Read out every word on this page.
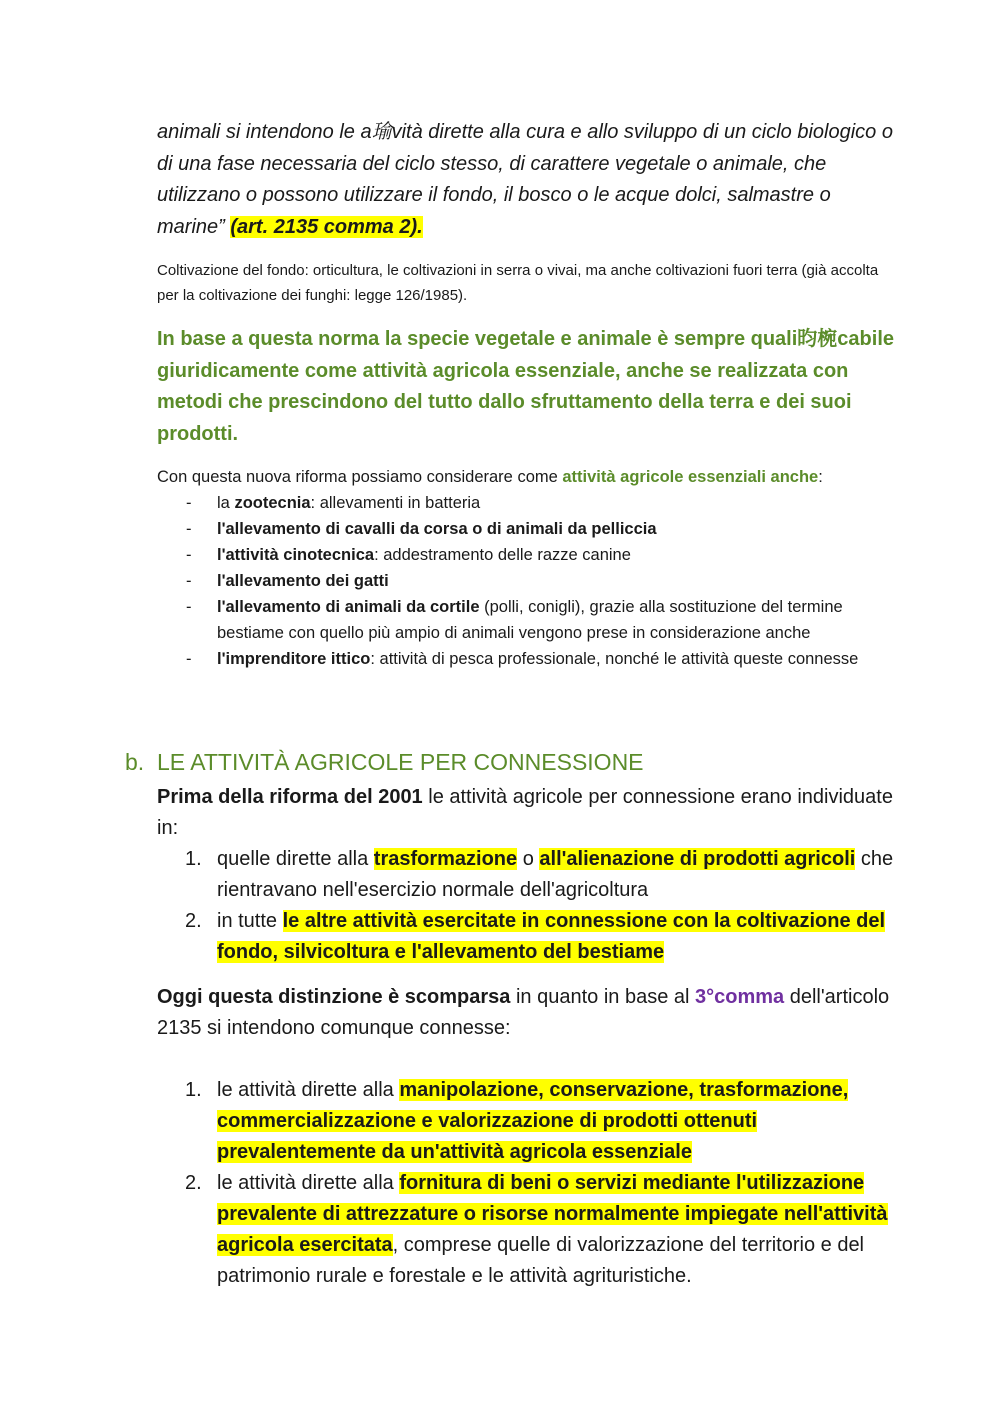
animali si intendono le a瑜vità dirette alla cura e allo sviluppo di un ciclo biologico o di una fase necessaria del ciclo stesso, di carattere vegetale o animale, che utilizzano o possono utilizzare il fondo, il bosco o le acque dolci, salmastre o marine” (art. 2135 comma 2).

Coltivazione del fondo: orticultura, le coltivazioni in serra o vivai, ma anche coltivazioni fuori terra (già accolta per la coltivazione dei funghi: legge 126/1985).

In base a questa norma la specie vegetale e animale è sempre quali昀椀cabile giuridicamente come attività agricola essenziale, anche se realizzata con metodi che prescindono del tutto dallo sfruttamento della terra e dei suoi prodotti.

Con questa nuova riforma possiamo considerare come attività agricole essenziali anche:
- la zootecnia: allevamenti in batteria
- l'allevamento di cavalli da corsa o di animali da pelliccia
- l'attività cinotecnica: addestramento delle razze canine
- l'allevamento dei gatti
- l'allevamento di animali da cortile (polli, conigli), grazie alla sostituzione del termine bestiame con quello più ampio di animali vengono prese in considerazione anche
- l'imprenditore ittico: attività di pesca professionale, nonché le attività queste connesse
b. LE ATTIVITÀ AGRICOLE PER CONNESSIONE
Prima della riforma del 2001 le attività agricole per connessione erano individuate in:
1. quelle dirette alla trasformazione o all'alienazione di prodotti agricoli che rientravano nell'esercizio normale dell'agricoltura
2. in tutte le altre attività esercitate in connessione con la coltivazione del fondo, silvicoltura e l'allevamento del bestiame

Oggi questa distinzione è scomparsa in quanto in base al 3°comma dell'articolo 2135 si intendono comunque connesse:

1. le attività dirette alla manipolazione, conservazione, trasformazione, commercializzazione e valorizzazione di prodotti ottenuti prevalentemente da un'attività agricola essenziale
2. le attività dirette alla fornitura di beni o servizi mediante l'utilizzazione prevalente di attrezzature o risorse normalmente impiegate nell'attività agricola esercitata, comprese quelle di valorizzazione del territorio e del patrimonio rurale e forestale e le attività agrituristiche.
